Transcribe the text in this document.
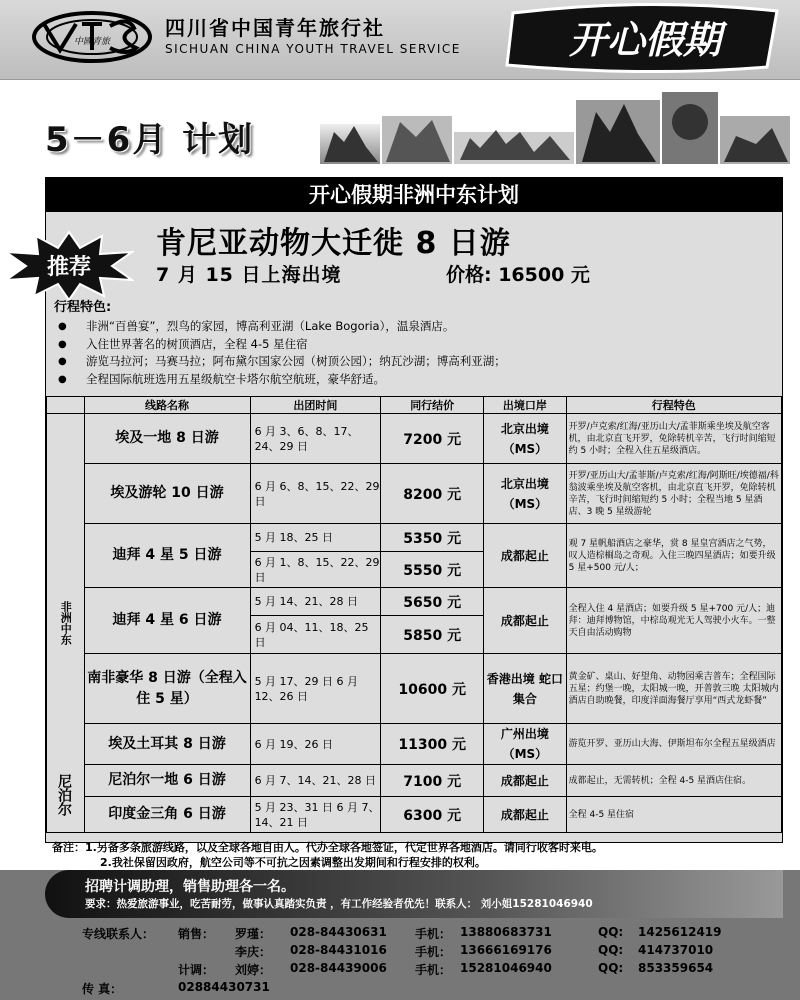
中國青旅
四川省中国青年旅行社
SICHUAN CHINA YOUTH TRAVEL SERVICE	开心假期
5－6月 计划
开心假期非洲中东计划
肯尼亚动物大迁徙 8 日游
7 月 15 日上海出境	价格: 16500 元
行程特色:
● 非洲“百兽宴”，烈鸟的家园，博高利亚湖（Lake Bogoria），温泉酒店。
● 入住世界著名的树顶酒店，全程 4-5 星住宿
● 游览马拉河；马赛马拉；阿布黛尔国家公园（树顶公园）；纳瓦沙湖；博高利亚湖；
● 全程国际航班选用五星级航空卡塔尔航空航班，豪华舒适。
	线路名称	出团时间	同行结价	出境口岸	行程特色
非洲中东	埃及一地 8 日游	6 月 3、6、8、17、24、29 日	7200 元	北京出境（MS）	开罗/卢克索/红海/亚历山大/孟菲斯乘坐埃及航空客机，由北京直飞开罗，免除转机辛苦，飞行时间缩短约 5 小时；全程入住五星级酒店。
	埃及游轮 10 日游	6 月 6、8、15、22、29 日	8200 元	北京出境（MS）	开罗/亚历山大/孟菲斯/卢克索/红海/阿斯旺/埃德福/科翁波乘坐埃及航空客机，由北京直飞开罗，免除转机辛苦，飞行时间缩短约 5 小时；全程当地 5 星酒店、3 晚 5 星级游轮
	迪拜 4 星 5 日游	5 月 18、25 日	5350 元	成都起止	观 7 星帆船酒店之豪华，赏 8 星皇宫酒店之气势，叹人造棕榈岛之奇观。入住三晚四星酒店；如要升级 5 星+500 元/人；
		6 月 1、8、15、22、29 日	5550 元		
	迪拜 4 星 6 日游	5 月 14、21、28 日	5650 元	成都起止	全程入住 4 星酒店；如要升级 5 星+700 元/人；迪拜：迪拜博物馆，中棕岛观光无人驾驶小火车。一整天自由活动购物
		6 月 04、11、18、25 日	5850 元		
	南非豪华 8 日游（全程入住 5 星）	5 月 17、29 日 6 月 12、26 日	10600 元	香港出境 蛇口集合	黄金矿、桌山、好望角、动物园乘吉普车；全程国际五星；约堡一晚，太阳城一晚，开普敦三晚 太阳城内酒店自助晚餐，印度洋面海餐厅享用“西式龙虾餐”
	埃及土耳其 8 日游	6 月 19、26 日	11300 元	广州出境（MS）	游览开罗、亚历山大海、伊斯坦布尔全程五星级酒店
	尼泊尔一地 6 日游	6 月 7、14、21、28 日	7100 元	成都起止	成都起止，无需转机；全程 4-5 星酒店住宿。
	印度金三角 6 日游	5 月 23、31 日 6 月 7、14、21 日	6300 元	成都起止	全程 4-5 星住宿
尼泊尔
推荐
备注：1.另备多条旅游线路，以及全球各地自由人。代办全球各地签证，代定世界各地酒店。请同行收客时来电。
2.我社保留因政府，航空公司等不可抗之因素调整出发期间和行程安排的权利。
招聘计调助理，销售助理各一名。
要求：热爱旅游事业，吃苦耐劳，做事认真踏实负责 ，有工作经验者优先！联系人： 刘小姐15281046940
专线联系人： 销售： 罗瑾： 028-84430631 手机： 13880683731	QQ: 1425612419
李庆： 028-84431016 手机： 13666169176	QQ: 414737010
计调： 刘婷： 028-84439006 手机： 15281046940	QQ: 853359654
传 真：	02884430731
